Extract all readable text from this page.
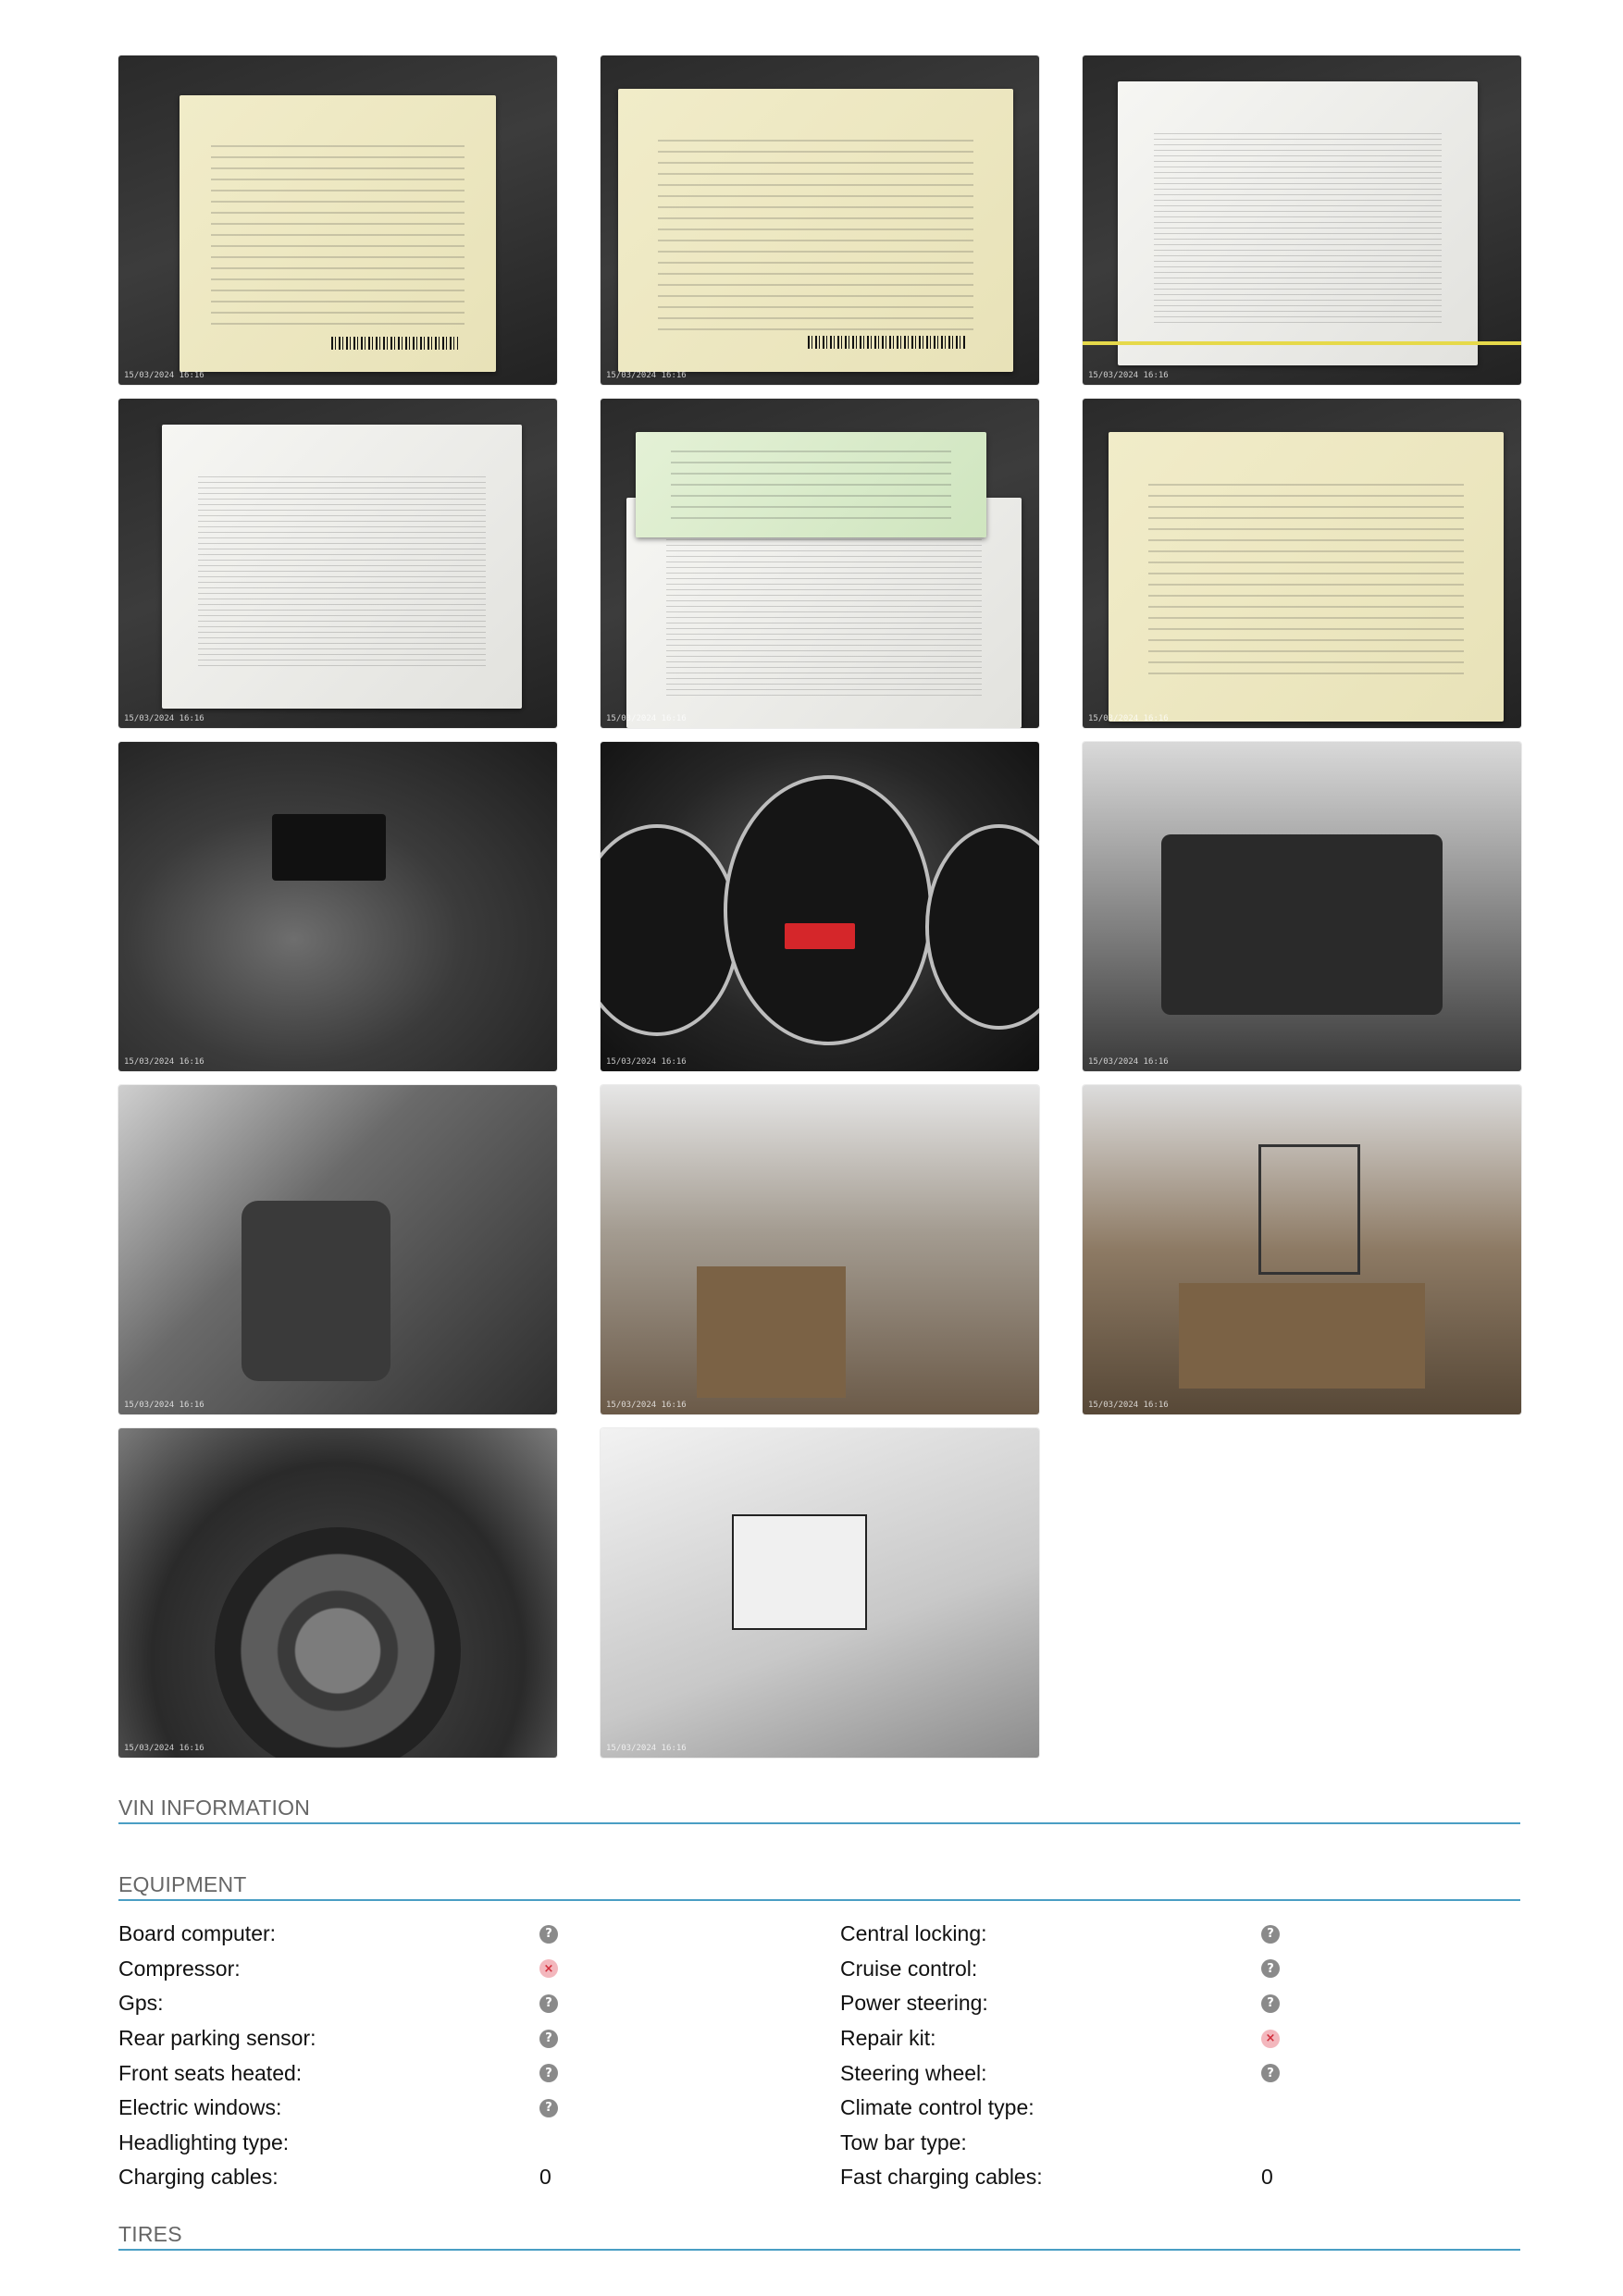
15/03/2024 16:16	15/03/2024 16:16	15/03/2024 16:16
15/03/2024 16:16	15/03/2024 16:16	15/03/2024 16:16
15/03/2024 16:16	15/03/2024 16:16	15/03/2024 16:16
15/03/2024 16:16	15/03/2024 16:16	15/03/2024 16:16
15/03/2024 16:16	15/03/2024 16:16
VIN INFORMATION
EQUIPMENT
Board computer:	?
Compressor:	×
Gps:	?
Rear parking sensor:	?
Front seats heated:	?
Electric windows:	?
Headlighting type:
Charging cables:	0
Central locking:	?
Cruise control:	?
Power steering:	?
Repair kit:	×
Steering wheel:	?
Climate control type:
Tow bar type:
Fast charging cables:	0
TIRES
